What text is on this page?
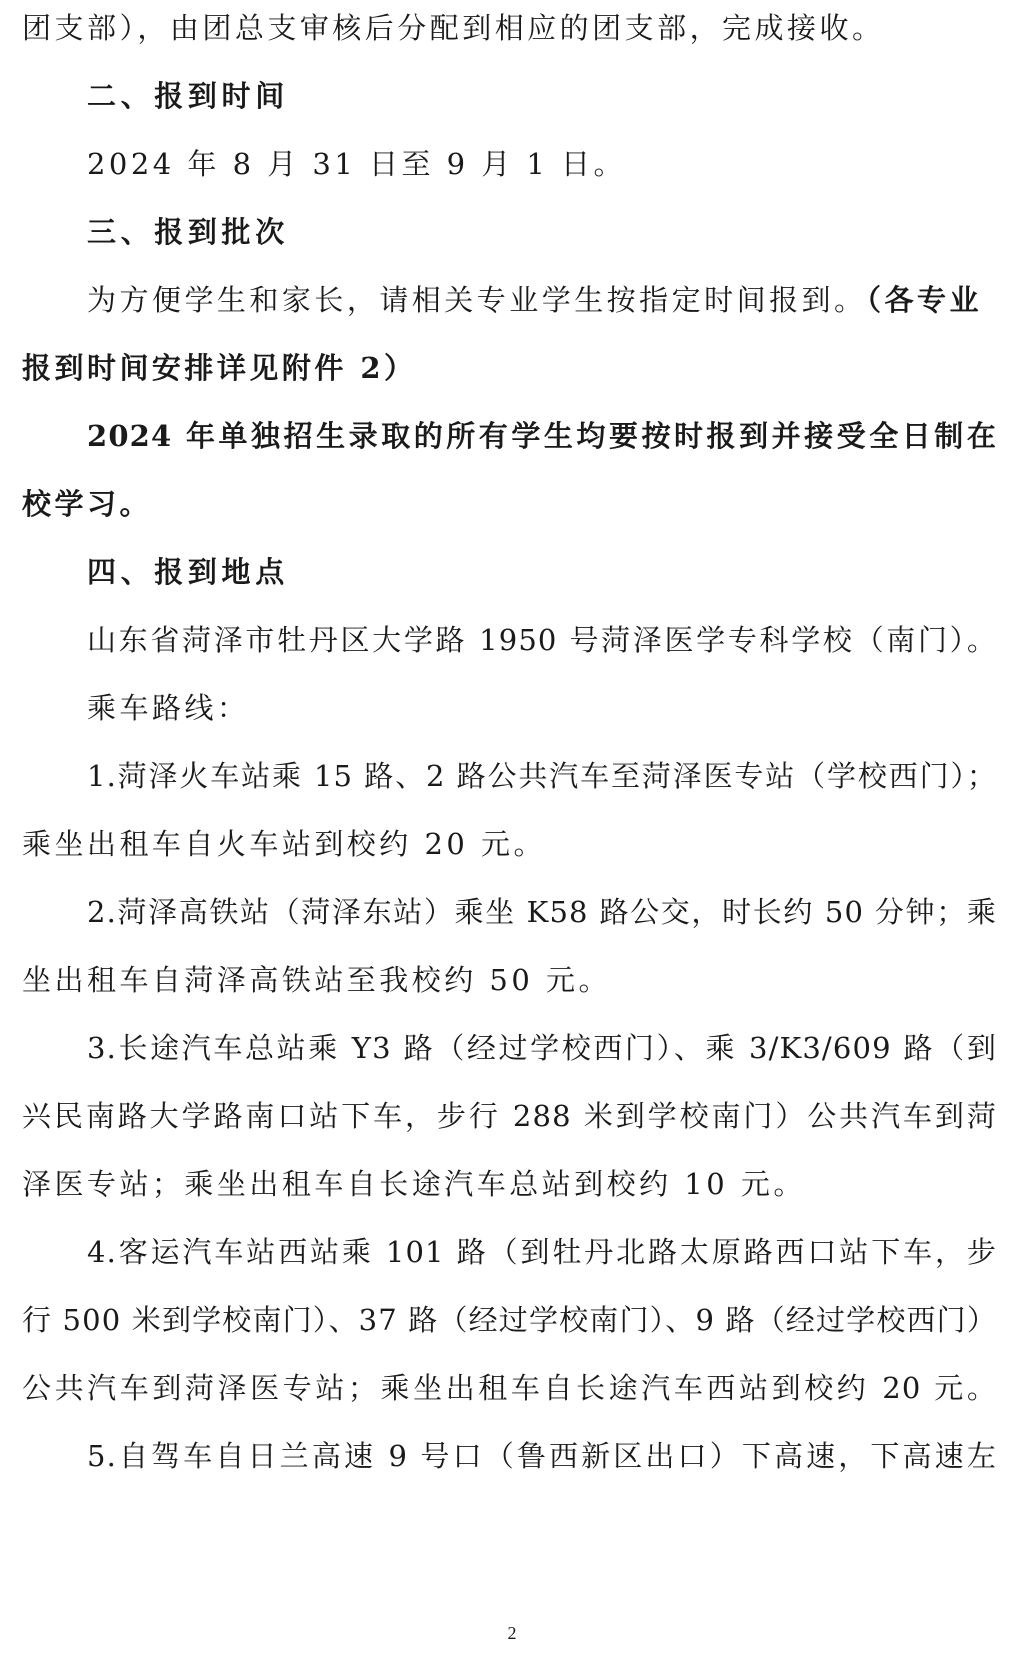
团支部），由团总支审核后分配到相应的团支部，完成接收。
二、报到时间
2024 年 8 月 31 日至 9 月 1 日。
三、报到批次
为方便学生和家长，请相关专业学生按指定时间报到。（各专业
报到时间安排详见附件 2）
2024 年单独招生录取的所有学生均要按时报到并接受全日制在
校学习。
四、报到地点
山东省菏泽市牡丹区大学路 1950 号菏泽医学专科学校（南门）。
乘车路线：
1.菏泽火车站乘 15 路、2 路公共汽车至菏泽医专站（学校西门）；
乘坐出租车自火车站到校约 20 元。
2.菏泽高铁站（菏泽东站）乘坐 K58 路公交，时长约 50 分钟；乘
坐出租车自菏泽高铁站至我校约 50 元。
3.长途汽车总站乘 Y3 路（经过学校西门）、乘 3/K3/609 路（到
兴民南路大学路南口站下车，步行 288 米到学校南门）公共汽车到菏
泽医专站；乘坐出租车自长途汽车总站到校约 10 元。
4.客运汽车站西站乘 101 路（到牡丹北路太原路西口站下车，步
行 500 米到学校南门）、37 路（经过学校南门）、9 路（经过学校西门）
公共汽车到菏泽医专站；乘坐出租车自长途汽车西站到校约 20 元。
5.自驾车自日兰高速 9 号口（鲁西新区出口）下高速，下高速左
2
